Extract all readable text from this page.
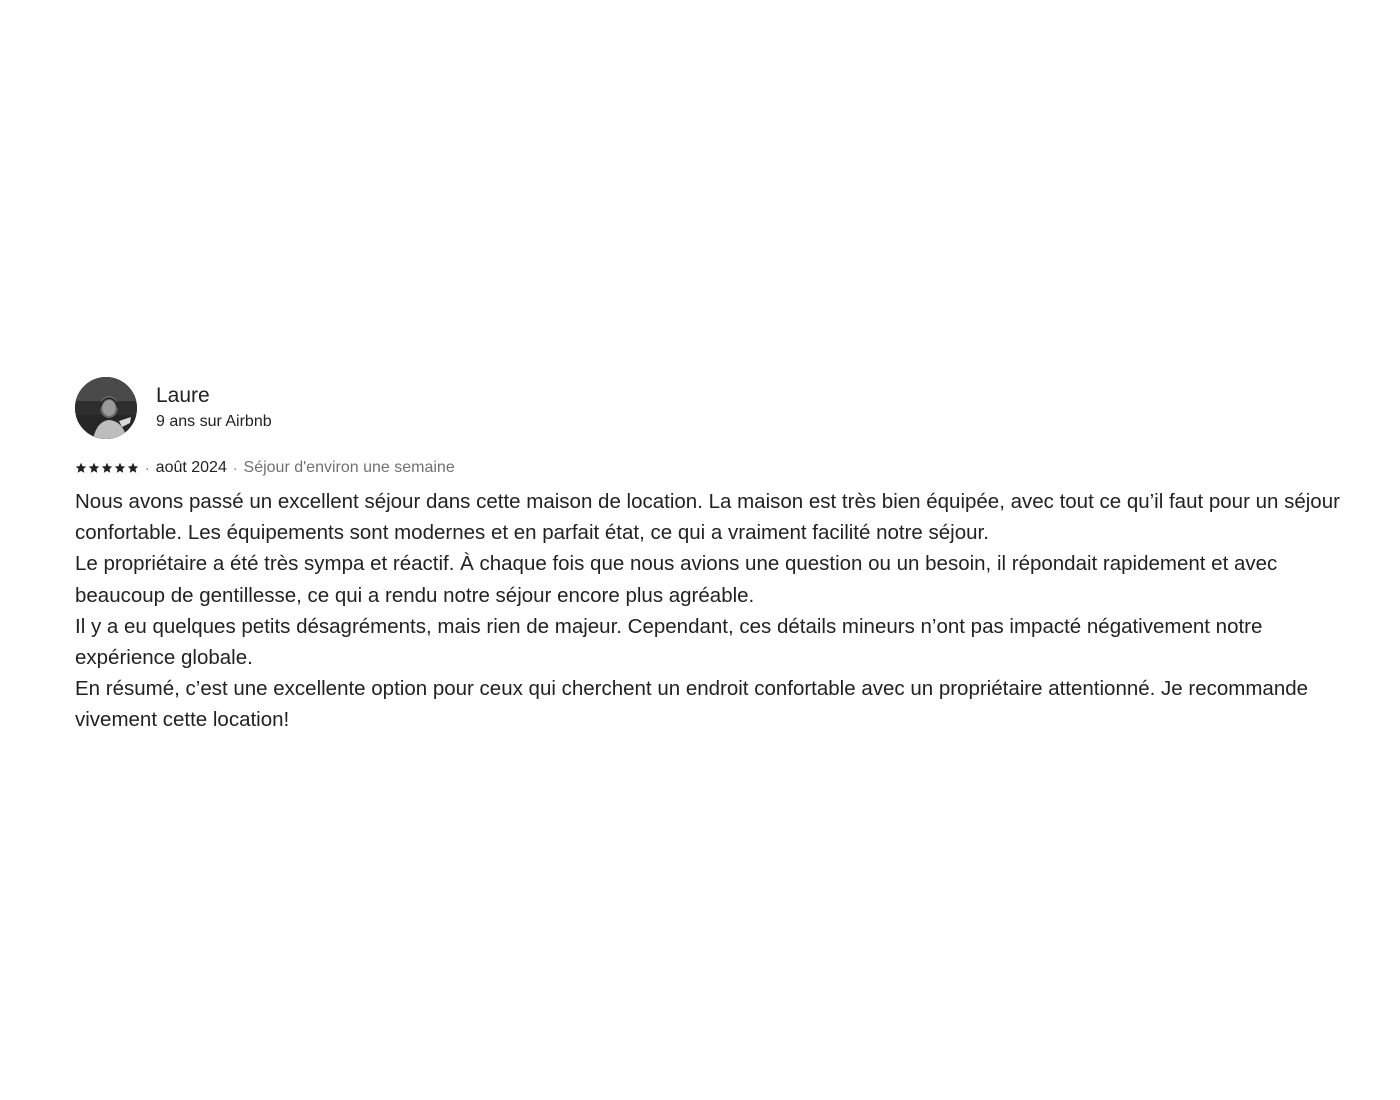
Laure
9 ans sur Airbnb
· août 2024 · Séjour d'environ une semaine

Nous avons passé un excellent séjour dans cette maison de location. La maison est très bien équipée, avec tout ce qu’il faut pour un séjour confortable. Les équipements sont modernes et en parfait état, ce qui a vraiment facilité notre séjour.

Le propriétaire a été très sympa et réactif. À chaque fois que nous avions une question ou un besoin, il répondait rapidement et avec beaucoup de gentillesse, ce qui a rendu notre séjour encore plus agréable.

Il y a eu quelques petits désagréments, mais rien de majeur. Cependant, ces détails mineurs n’ont pas impacté négativement notre expérience globale.

En résumé, c’est une excellente option pour ceux qui cherchent un endroit confortable avec un propriétaire attentionné. Je recommande vivement cette location!
